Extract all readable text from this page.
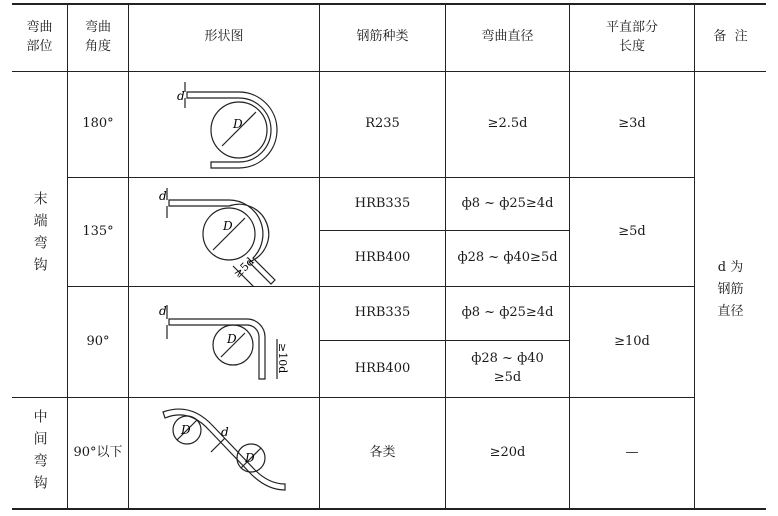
弯曲
部位
弯曲
角度
形状图	钢筋种类	弯曲直径
平直部分
长度
备  注
末端弯钩
中间弯钩
180°
135°
90°
90°以下
R235
HRB335
HRB400
HRB335
HRB400
各类
≥2.5d
ф8 ~ ф25≥4d
ф28 ~ ф40≥5d
ф8 ~ ф25≥4d
ф28 ~ ф40
≥5d
≥20d
≥3d
≥5d
≥10d
—
d 为
钢筋
直径
d
D
d
D
≥5d
d
D
≥10d
D
D
d
